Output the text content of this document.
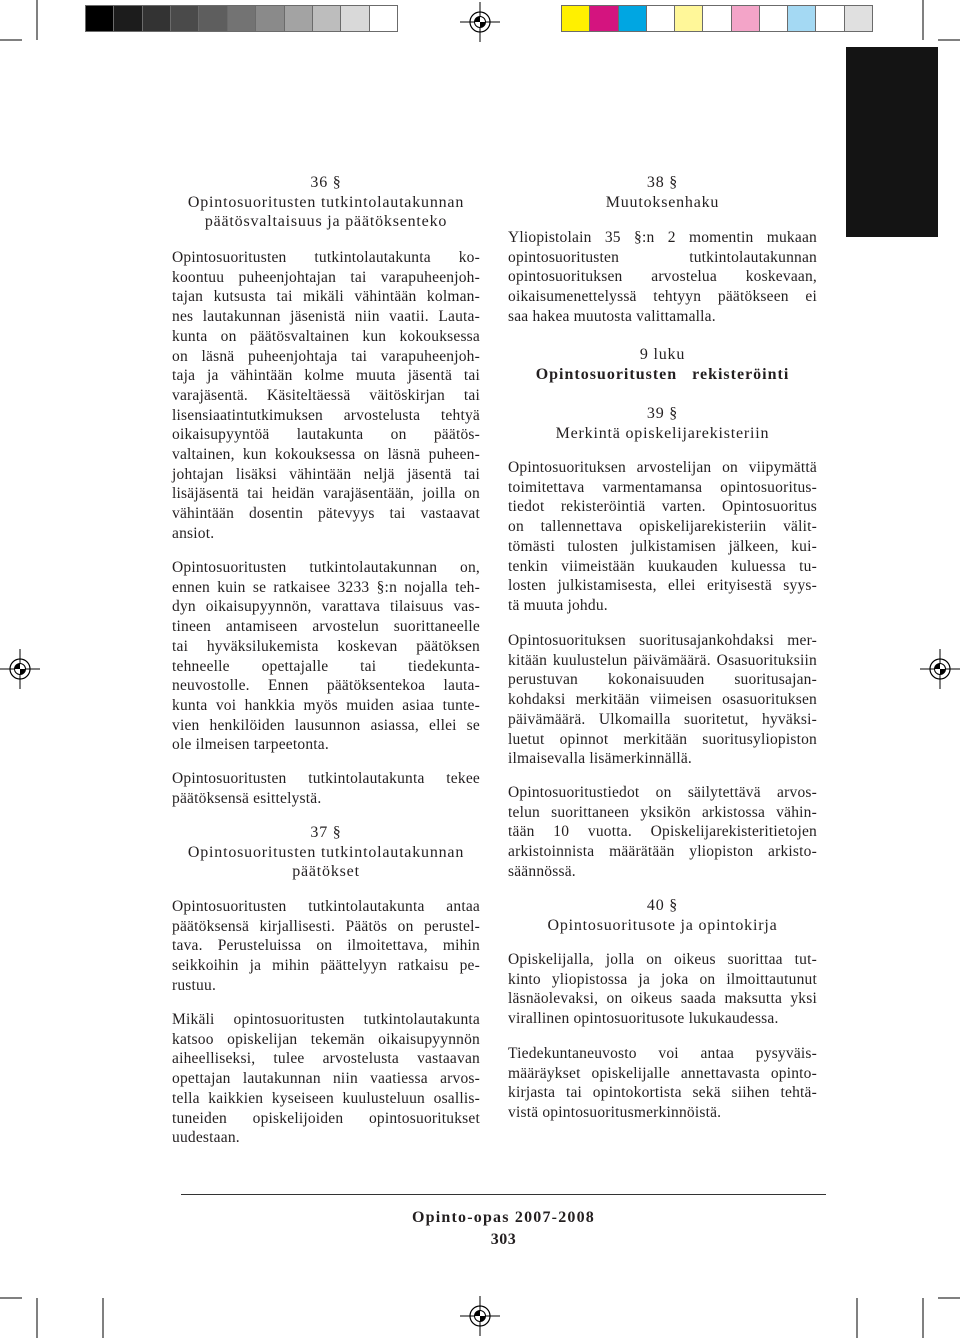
36 §
Opintosuoritusten tutkintolautakunnan
päätösvaltaisuus ja päätöksenteko
Opintosuoritusten tutkintolautakunta ko-
koontuu puheenjohtajan tai varapuheenjoh-
tajan kutsusta tai mikäli vähintään kolman-
nes lautakunnan jäsenistä niin vaatii. Lauta-
kunta on päätösvaltainen kun kokouksessa
on läsnä puheenjohtaja tai varapuheenjoh-
taja ja vähintään kolme muuta jäsentä tai
varajäsentä. Käsiteltäessä väitöskirjan tai
lisensiaatintutkimuksen arvostelusta tehtyä
oikaisupyyntöä lautakunta on päätös-
valtainen, kun kokouksessa on läsnä puheen-
johtajan lisäksi vähintään neljä jäsentä tai
lisäjäsentä tai heidän varajäsentään, joilla on
vähintään dosentin pätevyys tai vastaavat
ansiot.
Opintosuoritusten tutkintolautakunnan on,
ennen kuin se ratkaisee 3233 §:n nojalla teh-
dyn oikaisupyynnön, varattava tilaisuus vas-
tineen antamiseen arvostelun suorittaneelle
tai hyväksilukemista koskevan päätöksen
tehneelle opettajalle tai tiedekunta-
neuvostolle. Ennen päätöksentekoa lauta-
kunta voi hankkia myös muiden asiaa tunte-
vien henkilöiden lausunnon asiassa, ellei se
ole ilmeisen tarpeetonta.
Opintosuoritusten tutkintolautakunta tekee
päätöksensä esittelystä.
37 §
Opintosuoritusten tutkintolautakunnan
päätökset
Opintosuoritusten tutkintolautakunta antaa
päätöksensä kirjallisesti. Päätös on perustel-
tava. Perusteluissa on ilmoitettava, mihin
seikkoihin ja mihin päättelyyn ratkaisu pe-
rustuu.
Mikäli opintosuoritusten tutkintolautakunta
katsoo opiskelijan tekemän oikaisupyynnön
aiheelliseksi, tulee arvostelusta vastaavan
opettajan lautakunnan niin vaatiessa arvos-
tella kaikkien kyseiseen kuulusteluun osallis-
tuneiden opiskelijoiden opintosuoritukset
uudestaan.
38 §
Muutoksenhaku
Yliopistolain 35 §:n 2 momentin mukaan
opintosuoritusten tutkintolautakunnan
opintosuorituksen arvostelua koskevaan,
oikaisumenettelyssä tehtyyn päätökseen ei
saa hakea muutosta valittamalla.
9 luku
Opintosuoritusten rekisteröinti
39 §
Merkintä opiskelijarekisteriin
Opintosuorituksen arvostelijan on viipymättä
toimitettava varmentamansa opintosuoritus-
tiedot rekisteröintiä varten. Opintosuoritus
on tallennettava opiskelijarekisteriin välit-
tömästi tulosten julkistamisen jälkeen, kui-
tenkin viimeistään kuukauden kuluessa tu-
losten julkistamisesta, ellei erityisestä syys-
tä muuta johdu.
Opintosuorituksen suoritusajankohdaksi mer-
kitään kuulustelun päivämäärä. Osasuorituksiin
perustuvan kokonaisuuden suoritusajan-
kohdaksi merkitään viimeisen osasuorituksen
päivämäärä. Ulkomailla suoritetut, hyväksi-
luetut opinnot merkitään suoritusyliopiston
ilmaisevalla lisämerkinnällä.
Opintosuoritustiedot on säilytettävä arvos-
telun suorittaneen yksikön arkistossa vähin-
tään 10 vuotta. Opiskelijarekisteritietojen
arkistoinnista määrätään yliopiston arkisto-
säännössä.
40 §
Opintosuoritusote ja opintokirja
Opiskelijalla, jolla on oikeus suorittaa tut-
kinto yliopistossa ja joka on ilmoittautunut
läsnäolevaksi, on oikeus saada maksutta yksi
virallinen opintosuoritusote lukukaudessa.
Tiedekuntaneuvosto voi antaa pysyväis-
määräykset opiskelijalle annettavasta opinto-
kirjasta tai opintokortista sekä siihen tehtä-
vistä opintosuoritusmerkinnöistä.
Opinto-opas 2007-2008
303
